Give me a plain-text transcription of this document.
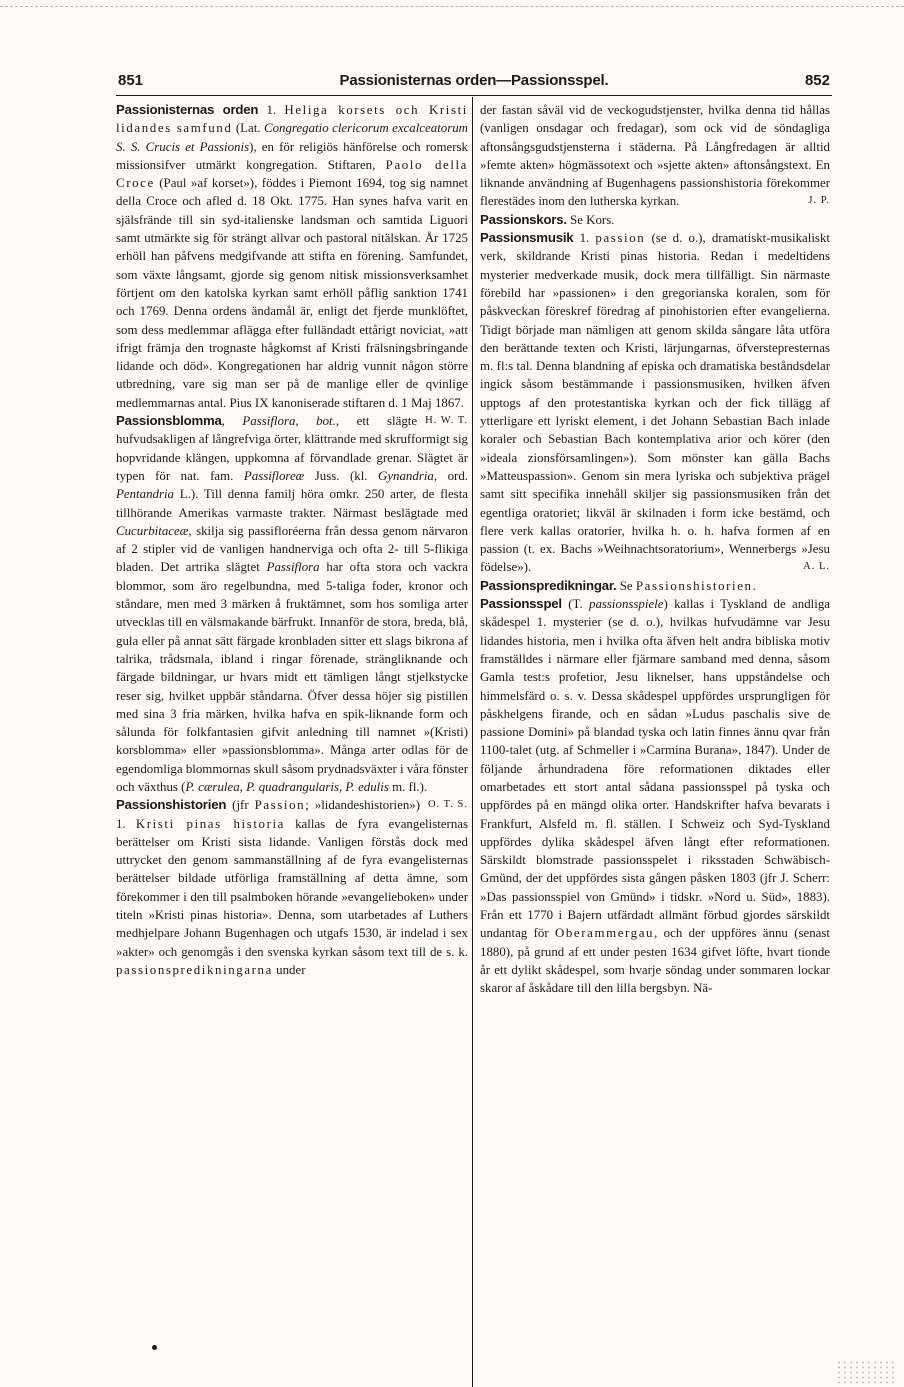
851	Passionisternas orden—Passionsspel.	852

Passionisternas orden 1. Heliga korsets och Kristi lidandes samfund (Lat. Congregatio clericorum excalceatorum S. S. Crucis et Passionis), en för religiös hänförelse och romersk missionsifver utmärkt kongregation. Stiftaren, Paolo della Croce (Paul »af korset»), föddes i Piemont 1694, tog sig namnet della Croce och afled d. 18 Okt. 1775. Han synes hafva varit en själsfrände till sin syd-italienske landsman och samtida Liguori samt utmärkte sig för strängt allvar och pastoral nitälskan. År 1725 erhöll han påfvens medgifvande att stifta en förening. Samfundet, som växte långsamt, gjorde sig genom nitisk missionsverksamhet förtjent om den katolska kyrkan samt erhöll påflig sanktion 1741 och 1769. Denna ordens ändamål är, enligt det fjerde munklöftet, som dess medlemmar aflägga efter fulländadt ettårigt noviciat, »att ifrigt främja den trognaste hågkomst af Kristi frälsningsbringande lidande och död». Kongregationen har aldrig vunnit någon större utbredning, vare sig man ser på de manlige eller de qvinlige medlemmarnas antal. Pius IX kanoniserade stiftaren d. 1 Maj 1867.
H. W. T.

Passionsblomma, Passiflora, bot., ett slägte hufvudsakligen af långrefviga örter, klättrande med skrufformigt sig hopvridande klängen, uppkomna af förvandlade grenar. Slägtet är typen för nat. fam. Passifloreæ Juss. (kl. Gynandria, ord. Pentandria L.). Till denna familj höra omkr. 250 arter, de flesta tillhörande Amerikas varmaste trakter. Närmast beslägtade med Cucurbitaceæ, skilja sig passifloréerna från dessa genom närvaron af 2 stipler vid de vanligen handnerviga och ofta 2- till 5-flikiga bladen. Det artrika slägtet Passiflora har ofta stora och vackra blommor, som äro regelbundna, med 5-taliga foder, kronor och ståndare, men med 3 märken å fruktämnet, som hos somliga arter utvecklas till en välsmakande bärfrukt. Innanför de stora, breda, blå, gula eller på annat sätt färgade kronbladen sitter ett slags bikrona af talrika, trådsmala, ibland i ringar förenade, strängliknande och färgade bildningar, ur hvars midt ett tämligen långt stjelkstycke reser sig, hvilket uppbär ståndarna. Öfver dessa höjer sig pistillen med sina 3 fria märken, hvilka hafva en spik-liknande form och sålunda för folkfantasien gifvit anledning till namnet »(Kristi) korsblomma» eller »passionsblomma». Många arter odlas för de egendomliga blommornas skull såsom prydnadsväxter i våra fönster och växthus (P. cærulea, P. quadrangularis, P. edulis m. fl.).
O. T. S.

Passionshistorien (jfr Passion; »lidandeshistorien») 1. Kristi pinas historia kallas de fyra evangelisternas berättelser om Kristi sista lidande. Vanligen förstås dock med uttrycket den genom sammanställning af de fyra evangelisternas berättelser bildade utförliga framställning af detta ämne, som förekommer i den till psalmboken hörande »evangelieboken» under titeln »Kristi pinas historia». Denna, som utarbetades af Luthers medhjelpare Johann Bugenhagen och utgafs 1530, är indelad i sex »akter» och genomgås i den svenska kyrkan såsom text till de s. k. passionspredikningarna under

der fastan såväl vid de veckogudstjenster, hvilka denna tid hållas (vanligen onsdagar och fredagar), som ock vid de söndagliga aftonsångsgudstjensterna i städerna. På Långfredagen är alltid »femte akten» högmässotext och »sjette akten» aftonsångstext. En liknande användning af Bugenhagens passionshistoria förekommer flerestädes inom den lutherska kyrkan.	J. P.

Passionskors. Se Kors.

Passionsmusik 1. passion (se d. o.), dramatiskt-musikaliskt verk, skildrande Kristi pinas historia. Redan i medeltidens mysterier medverkade musik, dock mera tillfälligt. Sin närmaste förebild har »passionen» i den gregorianska koralen, som för påskveckan föreskref föredrag af pinohistorien efter evangelierna. Tidigt började man nämligen att genom skilda sångare låta utföra den berättande texten och Kristi, lärjungarnas, öfverstepresternas m. fl:s tal. Denna blandning af episka och dramatiska beståndsdelar ingick såsom bestämmande i passionsmusiken, hvilken äfven upptogs af den protestantiska kyrkan och der fick tillägg af ytterligare ett lyriskt element, i det Johann Sebastian Bach inlade koraler och Sebastian Bach kontemplativa arior och körer (den »ideala zionsförsamlingen»). Som mönster kan gälla Bachs »Matteuspassion». Genom sin mera lyriska och subjektiva prägel samt sitt specifika innehåll skiljer sig passionsmusiken från det egentliga oratoriet; likväl är skilnaden i form icke bestämd, och flere verk kallas oratorier, hvilka h. o. h. hafva formen af en passion (t. ex. Bachs »Weihnachtsoratorium», Wennerbergs »Jesu födelse»).	A. L.

Passionspredikningar. Se Passionshistorien.

Passionsspel (T. passionsspiele) kallas i Tyskland de andliga skådespel 1. mysterier (se d. o.), hvilkas hufvudämne var Jesu lidandes historia, men i hvilka ofta äfven helt andra bibliska motiv framställdes i närmare eller fjärmare samband med denna, såsom Gamla test:s profetior, Jesu liknelser, hans uppståndelse och himmelsfärd o. s. v. Dessa skådespel uppfördes ursprungligen för påskhelgens firande, och en sådan »Ludus paschalis sive de passione Domini» på blandad tyska och latin finnes ännu qvar från 1100-talet (utg. af Schmeller i »Carmina Burana», 1847). Under de följande århundradena före reformationen diktades eller omarbetades ett stort antal sådana passionsspel på tyska och uppfördes på en mängd olika orter. Handskrifter hafva bevarats i Frankfurt, Alsfeld m. fl. ställen. I Schweiz och Syd-Tyskland uppfördes dylika skådespel äfven långt efter reformationen. Särskildt blomstrade passionsspelet i riksstaden Schwäbisch-Gmünd, der det uppfördes sista gången påsken 1803 (jfr J. Scherr: »Das passionsspiel von Gmünd» i tidskr. »Nord u. Süd», 1883). Från ett 1770 i Bajern utfärdadt allmänt förbud gjordes särskildt undantag för Oberammergau, och der uppföres ännu (senast 1880), på grund af ett under pesten 1634 gifvet löfte, hvart tionde år ett dylikt skådespel, som hvarje söndag under sommaren lockar skaror af åskådare till den lilla bergsbyn. Nä-
